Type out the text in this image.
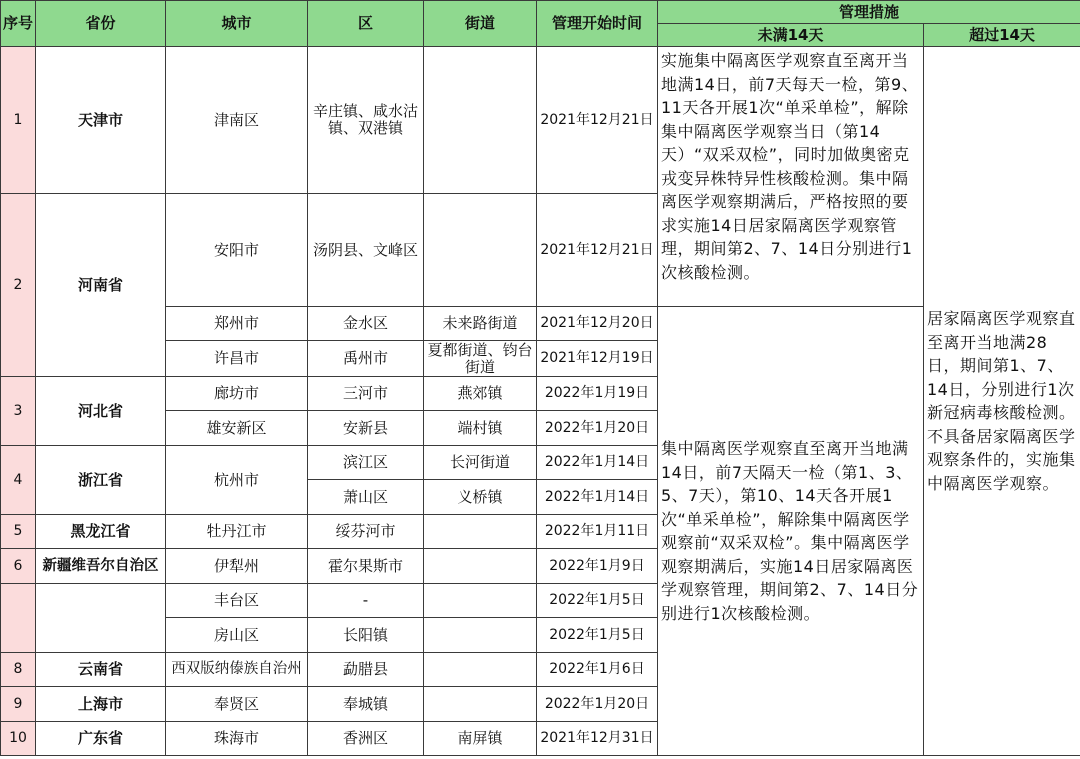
序号	省份	城市	区	街道	管理开始时间	管理措施	
						未满14天	超过14天
1	天津市	津南区	辛庄镇、咸水沽镇、双港镇		2021年12月21日	实施集中隔离医学观察直至离开当地满14日，前7天每天一检，第9、11天各开展1次“单采单检”，解除集中隔离医学观察当日（第14天）“双采双检”，同时加做奥密克戎变异株特异性核酸检测。集中隔离医学观察期满后，严格按照的要求实施14日居家隔离医学观察管理，期间第2、7、14日分别进行1次核酸检测。	居家隔离医学观察直至离开当地满28日，期间第1、7、14日，分别进行1次新冠病毒核酸检测。不具备居家隔离医学观察条件的，实施集中隔离医学观察。
2	河南省	安阳市	汤阴县、文峰区		2021年12月21日		
		郑州市	金水区	未来路街道	2021年12月20日	集中隔离医学观察直至离开当地满14日，前7天隔天一检（第1、3、5、7天），第10、14天各开展1次“单采单检”，解除集中隔离医学观察前“双采双检”。集中隔离医学观察期满后，实施14日居家隔离医学观察管理，期间第2、7、14日分别进行1次核酸检测。	
		许昌市	禹州市	夏都街道、钧台街道	2021年12月19日		
3	河北省	廊坊市	三河市	燕郊镇	2022年1月19日		
		雄安新区	安新县	端村镇	2022年1月20日		
4	浙江省	杭州市	滨江区	长河街道	2022年1月14日		
			萧山区	义桥镇	2022年1月14日		
5	黑龙江省	牡丹江市	绥芬河市		2022年1月11日		
6	新疆维吾尔自治区	伊犁州	霍尔果斯市		2022年1月9日		
		丰台区	-		2022年1月5日		
		房山区	长阳镇		2022年1月5日		
8	云南省	西双版纳傣族自治州	勐腊县		2022年1月6日		
9	上海市	奉贤区	奉城镇		2022年1月20日		
10	广东省	珠海市	香洲区	南屏镇	2021年12月31日		
